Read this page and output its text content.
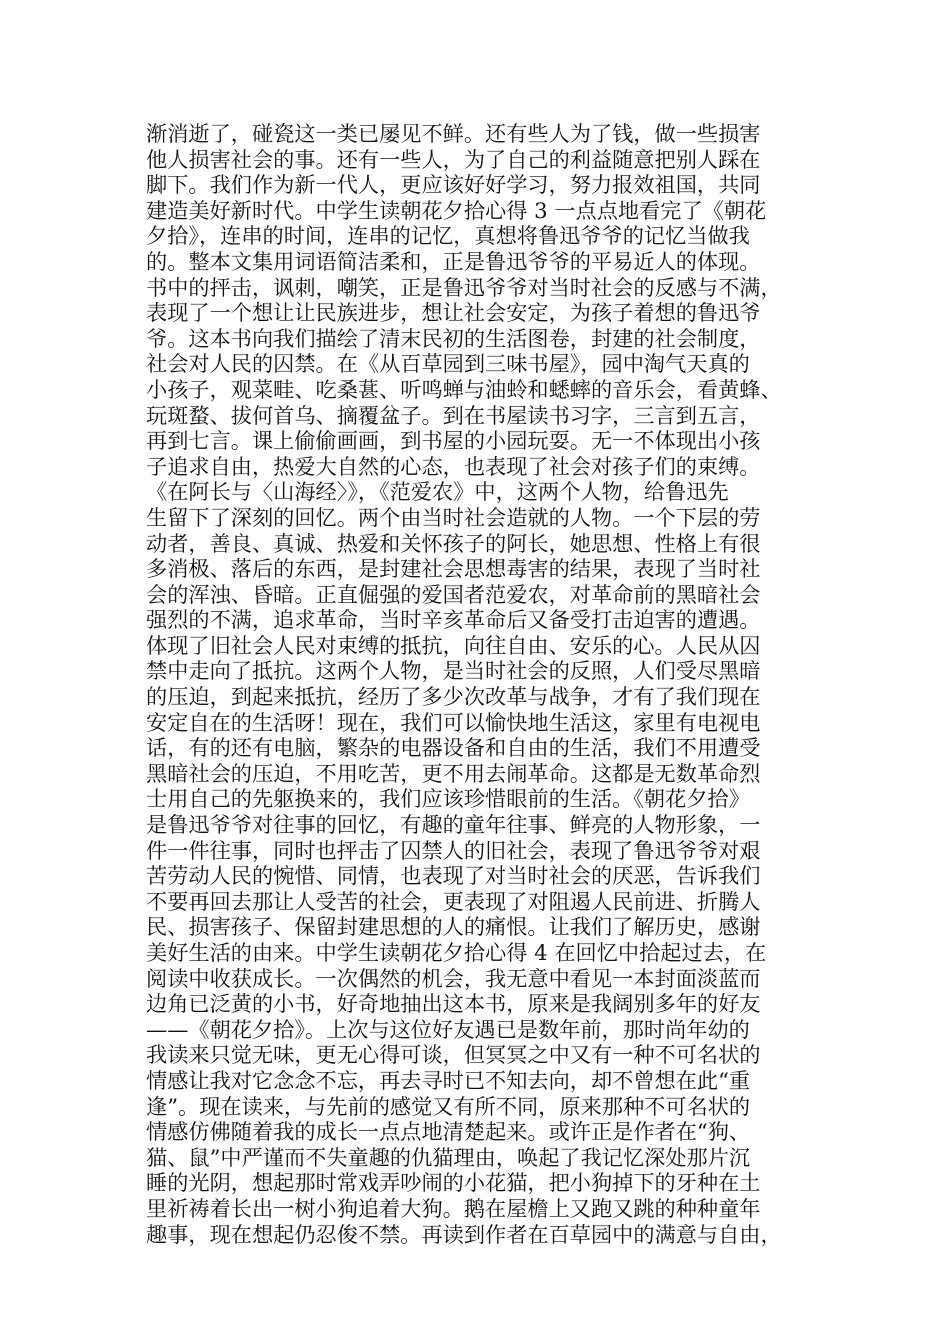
渐消逝了，碰瓷这一类已屡见不鲜。还有些人为了钱，做一些损害
他人损害社会的事。还有一些人，为了自己的利益随意把别人踩在
脚下。我们作为新一代人，更应该好好学习，努力报效祖国，共同
建造美好新时代。中学生读朝花夕拾心得 3 一点点地看完了《朝花
夕拾》，连串的时间，连串的记忆，真想将鲁迅爷爷的记忆当做我
的。整本文集用词语简洁柔和，正是鲁迅爷爷的平易近人的体现。
书中的抨击，讽刺，嘲笑，正是鲁迅爷爷对当时社会的反感与不满，
表现了一个想让让民族进步，想让社会安定，为孩子着想的鲁迅爷
爷。这本书向我们描绘了清末民初的生活图卷，封建的社会制度，
社会对人民的囚禁。在《从百草园到三味书屋》，园中淘气天真的
小孩子，观菜畦、吃桑葚、听鸣蝉与油蛉和蟋蟀的音乐会，看黄蜂、
玩斑蝥、拔何首乌、摘覆盆子。到在书屋读书习字，三言到五言，
再到七言。课上偷偷画画，到书屋的小园玩耍。无一不体现出小孩
子追求自由，热爱大自然的心态，也表现了社会对孩子们的束缚。
《在阿长与〈山海经〉》，《范爱农》中，这两个人物，给鲁迅先
生留下了深刻的回忆。两个由当时社会造就的人物。一个下层的劳
动者，善良、真诚、热爱和关怀孩子的阿长，她思想、性格上有很
多消极、落后的东西，是封建社会思想毒害的结果，表现了当时社
会的浑浊、昏暗。正直倔强的爱国者范爱农，对革命前的黑暗社会
强烈的不满，追求革命，当时辛亥革命后又备受打击迫害的遭遇。
体现了旧社会人民对束缚的抵抗，向往自由、安乐的心。人民从囚
禁中走向了抵抗。这两个人物，是当时社会的反照，人们受尽黑暗
的压迫，到起来抵抗，经历了多少次改革与战争，才有了我们现在
安定自在的生活呀！现在，我们可以愉快地生活这，家里有电视电
话，有的还有电脑，繁杂的电器设备和自由的生活，我们不用遭受
黑暗社会的压迫，不用吃苦，更不用去闹革命。这都是无数革命烈
士用自己的先躯换来的，我们应该珍惜眼前的生活。《朝花夕拾》
是鲁迅爷爷对往事的回忆，有趣的童年往事、鲜亮的人物形象，一
件一件往事，同时也抨击了囚禁人的旧社会，表现了鲁迅爷爷对艰
苦劳动人民的惋惜、同情，也表现了对当时社会的厌恶，告诉我们
不要再回去那让人受苦的社会，更表现了对阻遏人民前进、折腾人
民、损害孩子、保留封建思想的人的痛恨。让我们了解历史，感谢
美好生活的由来。中学生读朝花夕拾心得 4 在回忆中拾起过去，在
阅读中收获成长。一次偶然的机会，我无意中看见一本封面淡蓝而
边角已泛黄的小书，好奇地抽出这本书，原来是我阔别多年的好友
——《朝花夕拾》。上次与这位好友遇已是数年前，那时尚年幼的
我读来只觉无味，更无心得可谈，但冥冥之中又有一种不可名状的
情感让我对它念念不忘，再去寻时已不知去向，却不曾想在此“重
逢”。现在读来，与先前的感觉又有所不同，原来那种不可名状的
情感仿佛随着我的成长一点点地清楚起来。或许正是作者在“狗、
猫、鼠”中严谨而不失童趣的仇猫理由，唤起了我记忆深处那片沉
睡的光阴，想起那时常戏弄吵闹的小花猫，把小狗掉下的牙种在土
里祈祷着长出一树小狗追着大狗。鹅在屋檐上又跑又跳的种种童年
趣事，现在想起仍忍俊不禁。再读到作者在百草园中的满意与自由，
